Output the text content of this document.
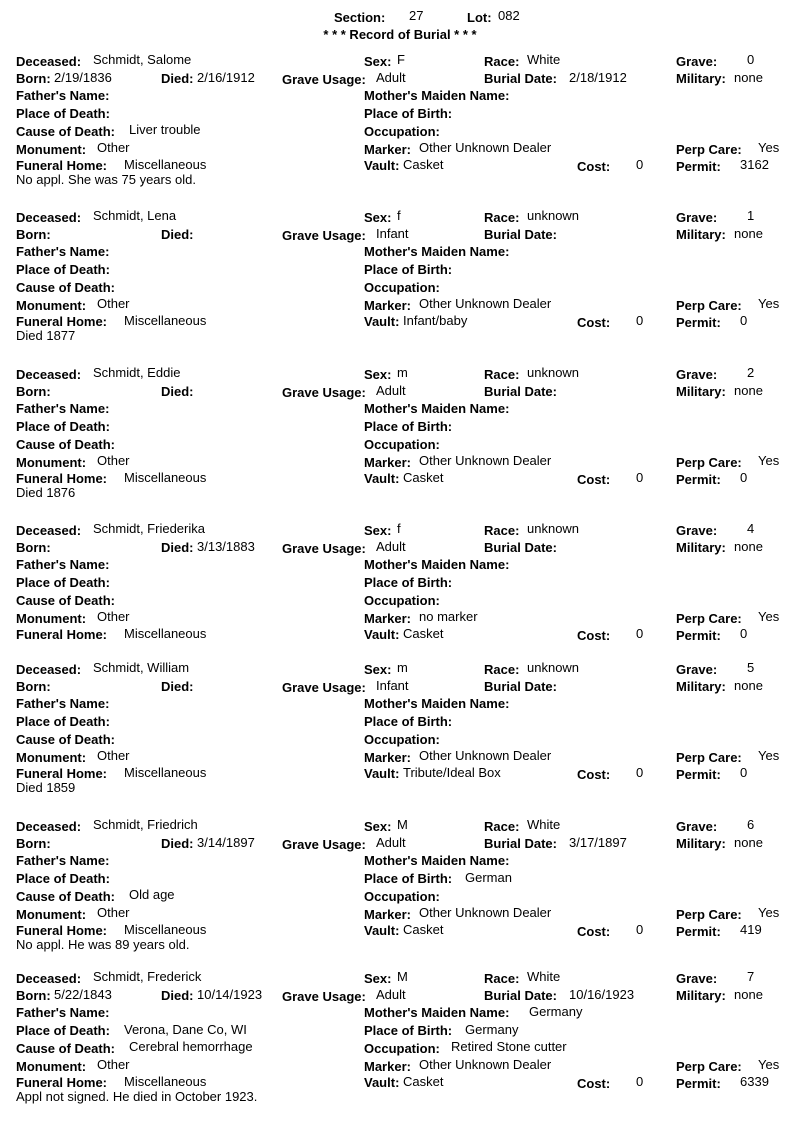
Section: 27	Lot: 082
* * * Record of Burial * * *
Deceased: Schmidt, Salome	Sex: F	Race: White	Grave: 0
Born: 2/19/1836	Died: 2/16/1912 Grave Usage: Adult	Burial Date: 2/18/1912	Military: none
Father's Name:	Mother's Maiden Name:
Place of Death:	Place of Birth:
Cause of Death: Liver trouble	Occupation:
Monument: Other	Marker: Other Unknown Dealer	Perp Care: Yes
Funeral Home: Miscellaneous	Vault: Casket	Cost: 0	Permit: 3162
No appl. She was 75 years old.
Deceased: Schmidt, Lena	Sex: f	Race: unknown	Grave: 1
Born:	Died:	Grave Usage: Infant	Burial Date:	Military: none
Father's Name:	Mother's Maiden Name:
Place of Death:	Place of Birth:
Cause of Death:	Occupation:
Monument: Other	Marker: Other Unknown Dealer	Perp Care: Yes
Funeral Home: Miscellaneous	Vault: Infant/baby	Cost: 0	Permit: 0
Died 1877
Deceased: Schmidt, Eddie	Sex: m	Race: unknown	Grave: 2
Born:	Died:	Grave Usage: Adult	Burial Date:	Military: none
Father's Name:	Mother's Maiden Name:
Place of Death:	Place of Birth:
Cause of Death:	Occupation:
Monument: Other	Marker: Other Unknown Dealer	Perp Care: Yes
Funeral Home: Miscellaneous	Vault: Casket	Cost: 0	Permit: 0
Died 1876
Deceased: Schmidt, Friederika	Sex: f	Race: unknown	Grave: 4
Born:	Died: 3/13/1883 Grave Usage: Adult	Burial Date:	Military: none
Father's Name:	Mother's Maiden Name:
Place of Death:	Place of Birth:
Cause of Death:	Occupation:
Monument: Other	Marker: no marker	Perp Care: Yes
Funeral Home: Miscellaneous	Vault: Casket	Cost: 0	Permit: 0
Deceased: Schmidt, William	Sex: m	Race: unknown	Grave: 5
Born:	Died:	Grave Usage: Infant	Burial Date:	Military: none
Father's Name:	Mother's Maiden Name:
Place of Death:	Place of Birth:
Cause of Death:	Occupation:
Monument: Other	Marker: Other Unknown Dealer	Perp Care: Yes
Funeral Home: Miscellaneous	Vault: Tribute/Ideal Box	Cost: 0	Permit: 0
Died 1859
Deceased: Schmidt, Friedrich	Sex: M	Race: White	Grave: 6
Born:	Died: 3/14/1897 Grave Usage: Adult	Burial Date: 3/17/1897	Military: none
Father's Name:	Mother's Maiden Name:
Place of Death:	Place of Birth: German
Cause of Death: Old age	Occupation:
Monument: Other	Marker: Other Unknown Dealer	Perp Care: Yes
Funeral Home: Miscellaneous	Vault: Casket	Cost: 0	Permit: 419
No appl. He was 89 years old.
Deceased: Schmidt, Frederick	Sex: M	Race: White	Grave: 7
Born: 5/22/1843	Died: 10/14/1923 Grave Usage: Adult	Burial Date: 10/16/1923	Military: none
Father's Name:	Mother's Maiden Name: Germany
Place of Death: Verona, Dane Co, WI	Place of Birth: Germany
Cause of Death: Cerebral hemorrhage	Occupation: Retired Stone cutter
Monument: Other	Marker: Other Unknown Dealer	Perp Care: Yes
Funeral Home: Miscellaneous	Vault: Casket	Cost: 0	Permit: 6339
Appl not signed. He died in October 1923.
